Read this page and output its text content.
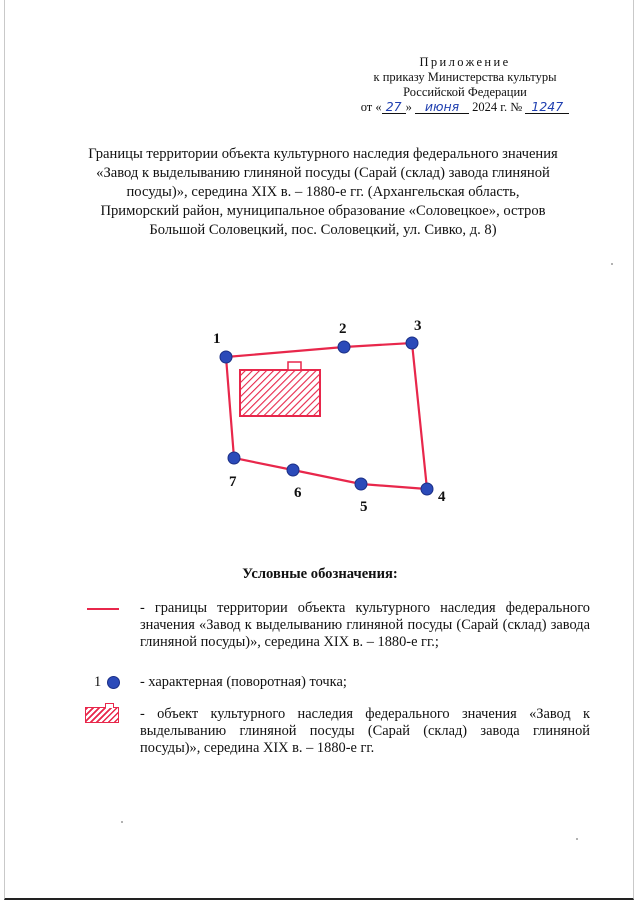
Приложение
к приказу Министерства культуры
Российской Федерации
от « 27 » июня 2024 г. № 1247
Границы территории объекта культурного наследия федерального значения «Завод к выделыванию глиняной посуды (Сарай (склад) завода глиняной посуды)», середина XIX в. – 1880-е гг. (Архангельская область, Приморский район, муниципальное образование «Соловецкое», остров Большой Соловецкий, пос. Соловецкий, ул. Сивко, д. 8)
1
2	3
4
5
6
7
Условные обозначения:
- границы территории объекта культурного наследия федерального значения «Завод к выделыванию глиняной посуды (Сарай (склад) завода глиняной посуды)», середина XIX в. – 1880-е гг.;
1	- характерная (поворотная) точка;
- объект культурного наследия федерального значения «Завод к выделыванию глиняной посуды (Сарай (склад) завода глиняной посуды)», середина XIX в. – 1880-е гг.
